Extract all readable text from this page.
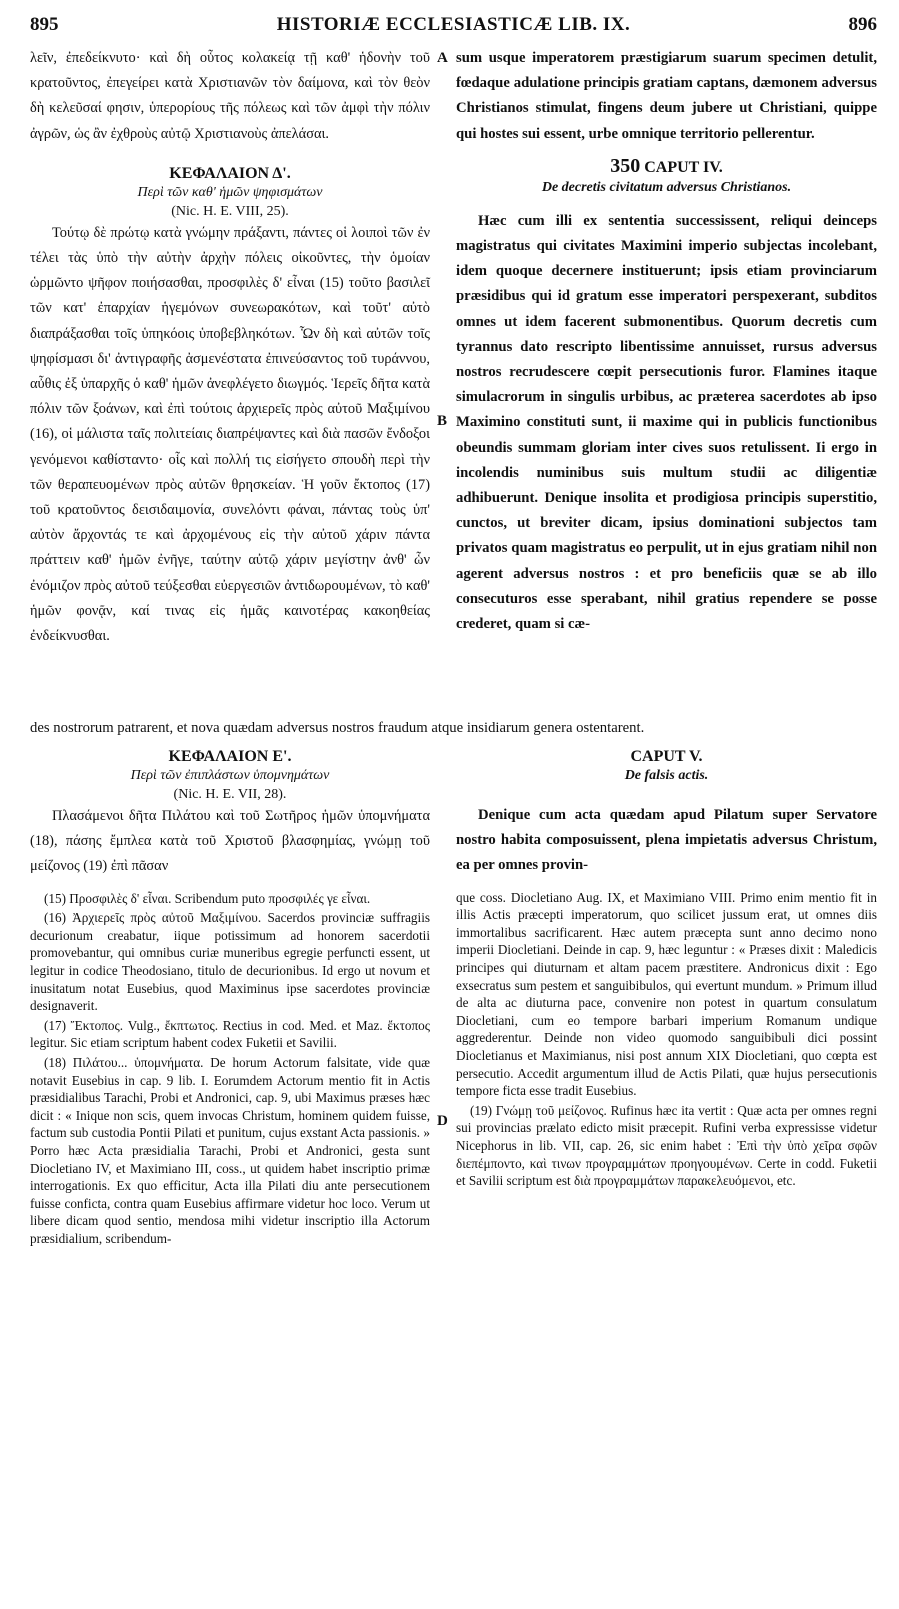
895	HISTORIÆ ECCLESIASTICÆ LIB. IX.	896
A
B
D

λεῖν, ἐπεδείκνυτο· καὶ δὴ οὗτος κολακείᾳ τῇ καθ' ἡδονὴν τοῦ κρατοῦντος, ἐπεγείρει κατὰ Χριστιανῶν τὸν δαίμονα, καὶ τὸν θεὸν δὴ κελεῦσαί φησιν, ὑπερορίους τῆς πόλεως καὶ τῶν ἀμφὶ τὴν πόλιν ἀγρῶν, ὡς ἂν ἐχθροὺς αὐτῷ Χριστιανοὺς ἀπελάσαι.

ΚΕΦΑΛΑΙΟΝ Δ'.
Περὶ τῶν καθ' ἡμῶν ψηφισμάτων
(Nic. H. E. VIII, 25).

Τούτῳ δὲ πρώτῳ κατὰ γνώμην πράξαντι, πάντες οἱ λοιποὶ τῶν ἐν τέλει τὰς ὑπὸ τὴν αὐτὴν ἀρχὴν πόλεις οἰκοῦντες, τὴν ὁμοίαν ὡρμῶντο ψῆφον ποιήσασθαι, προσφιλὲς δ' εἶναι (15) τοῦτο βασιλεῖ τῶν κατ' ἐπαρχίαν ἡγεμόνων συνεωρακότων, καὶ τοῦτ' αὐτὸ διαπράξασθαι τοῖς ὑπηκόοις ὑποβεβληκότων. Ὧν δὴ καὶ αὐτῶν τοῖς ψηφίσμασι δι' ἀντιγραφῆς ἀσμενέστατα ἐπινεύσαντος τοῦ τυράννου, αὖθις ἐξ ὑπαρχῆς ὁ καθ' ἡμῶν ἀνεφλέγετο διωγμός. Ἱερεῖς δῆτα κατὰ πόλιν τῶν ξοάνων, καὶ ἐπὶ τούτοις ἀρχιερεῖς πρὸς αὐτοῦ Μαξιμίνου (16), οἱ μάλιστα ταῖς πολιτείαις διαπρέψαντες καὶ διὰ πασῶν ἔνδοξοι γενόμενοι καθίσταντο· οἷς καὶ πολλή τις εἰσήγετο σπουδὴ περὶ τὴν τῶν θεραπευομένων πρὸς αὐτῶν θρησκείαν. Ἡ γοῦν ἔκτοπος (17) τοῦ κρατοῦντος δεισιδαιμονία, συνελόντι φάναι, πάντας τοὺς ὑπ' αὐτὸν ἄρχοντάς τε καὶ ἀρχομένους εἰς τὴν αὐτοῦ χάριν πάντα πράττειν καθ' ἡμῶν ἐνῆγε, ταύτην αὐτῷ χάριν μεγίστην ἀνθ' ὧν ἐνόμιζον πρὸς αὐτοῦ τεύξεσθαι εὐεργεσιῶν ἀντιδωρουμένων, τὸ καθ' ἡμῶν φονᾷν, καί τινας εἰς ἡμᾶς καινοτέρας κακοηθείας ἐνδείκνυσθαι.

sum usque imperatorem præstigiarum suarum specimen detulit, fœdaque adulatione principis gratiam captans, dæmonem adversus Christianos stimulat, fingens deum jubere ut Christiani, quippe qui hostes sui essent, urbe omnique territorio pellerentur.

350 CAPUT IV.
De decretis civitatum adversus Christianos.

Hæc cum illi ex sententia successissent, reliqui deinceps magistratus qui civitates Maximini imperio subjectas incolebant, idem quoque decernere instituerunt; ipsis etiam provinciarum præsidibus qui id gratum esse imperatori perspexerant, subditos omnes ut idem facerent submonentibus. Quorum decretis cum tyrannus dato rescripto libentissime annuisset, rursus adversus nostros recrudescere cœpit persecutionis furor. Flamines itaque simulacrorum in singulis urbibus, ac præterea sacerdotes ab ipso Maximino constituti sunt, ii maxime qui in publicis functionibus obeundis summam gloriam inter cives suos retulissent. Ii ergo in incolendis numinibus suis multum studii ac diligentiæ adhibuerunt. Denique insolita et prodigiosa principis superstitio, cunctos, ut breviter dicam, ipsius dominationi subjectos tam privatos quam magistratus eo perpulit, ut in ejus gratiam nihil non agerent adversus nostros : et pro beneficiis quæ se ab illo consecuturos esse sperabant, nihil gratius rependere se posse crederet, quam si cæ-

des nostrorum patrarent, et nova quædam adversus nostros fraudum atque insidiarum genera ostentarent.
ΚΕΦΑΛΑΙΟΝ Ε'.
Περὶ τῶν ἐπιπλάστων ὑπομνημάτων
(Nic. H. E. VII, 28).

Πλασάμενοι δῆτα Πιλάτου καὶ τοῦ Σωτῆρος ἡμῶν ὑπομνήματα (18), πάσης ἔμπλεα κατὰ τοῦ Χριστοῦ βλασφημίας, γνώμῃ τοῦ μείζονος (19) ἐπὶ πᾶσαν

(15) Προσφιλὲς δ' εἶναι. Scribendum puto προσφιλές γε εἶναι.

(16) Ἀρχιερεῖς πρὸς αὐτοῦ Μαξιμίνου. Sacerdos provinciæ suffragiis decurionum creabatur, iique potissimum ad honorem sacerdotii promovebantur, qui omnibus curiæ muneribus egregie perfuncti essent, ut legitur in codice Theodosiano, titulo de decurionibus. Id ergo ut novum et inusitatum notat Eusebius, quod Maximinus ipse sacerdotes provinciæ designaverit.

(17) Ἔκτοπος. Vulg., ἔκπτωτος. Rectius in cod. Med. et Maz. ἔκτοπος legitur. Sic etiam scriptum habent codex Fuketii et Savilii.

(18) Πιλάτου... ὑπομνήματα. De horum Actorum falsitate, vide quæ notavit Eusebius in cap. 9 lib. I. Eorumdem Actorum mentio fit in Actis præsidialibus Tarachi, Probi et Andronici, cap. 9, ubi Maximus præses hæc dicit : « Inique non scis, quem invocas Christum, hominem quidem fuisse, factum sub custodia Pontii Pilati et punitum, cujus exstant Acta passionis. » Porro hæc Acta præsidialia Tarachi, Probi et Andronici, gesta sunt Diocletiano IV, et Maximiano III, coss., ut quidem habet inscriptio primæ interrogationis. Ex quo efficitur, Acta illa Pilati diu ante persecutionem fuisse conficta, contra quam Eusebius affirmare videtur hoc loco. Verum ut libere dicam quod sentio, mendosa mihi videtur inscriptio illa Actorum præsidialium, scribendum-

CAPUT V.
De falsis actis.

Denique cum acta quædam apud Pilatum super Servatore nostro habita composuissent, plena impietatis adversus Christum, ea per omnes provin-

que coss. Diocletiano Aug. IX, et Maximiano VIII. Primo enim mentio fit in illis Actis præcepti imperatorum, quo scilicet jussum erat, ut omnes diis immortalibus sacrificarent. Hæc autem præcepta sunt anno decimo nono imperii Diocletiani. Deinde in cap. 9, hæc leguntur : « Præses dixit : Maledicis principes qui diuturnam et altam pacem præstitere. Andronicus dixit : Ego exsecratus sum pestem et sanguibibulos, qui evertunt mundum. » Primum illud de alta ac diuturna pace, convenire non potest in quartum consulatum Diocletiani, cum eo tempore barbari imperium Romanum undique aggrederentur. Deinde non video quomodo sanguibibuli dici possint Diocletianus et Maximianus, nisi post annum XIX Diocletiani, quo cœpta est persecutio. Accedit argumentum illud de Actis Pilati, quæ hujus persecutionis tempore ficta esse tradit Eusebius.

(19) Γνώμῃ τοῦ μείζονος. Rufinus hæc ita vertit : Quæ acta per omnes regni sui provincias prælato edicto misit præcepit. Rufini verba expressisse videtur Nicephorus in lib. VII, cap. 26, sic enim habet : Ἐπὶ τὴν ὑπὸ χεῖρα σφῶν διεπέμποντο, καὶ τινων προγραμμάτων προηγουμένων. Certe in codd. Fuketii et Savilii scriptum est διὰ προγραμμάτων παρακελευόμενοι, etc.
